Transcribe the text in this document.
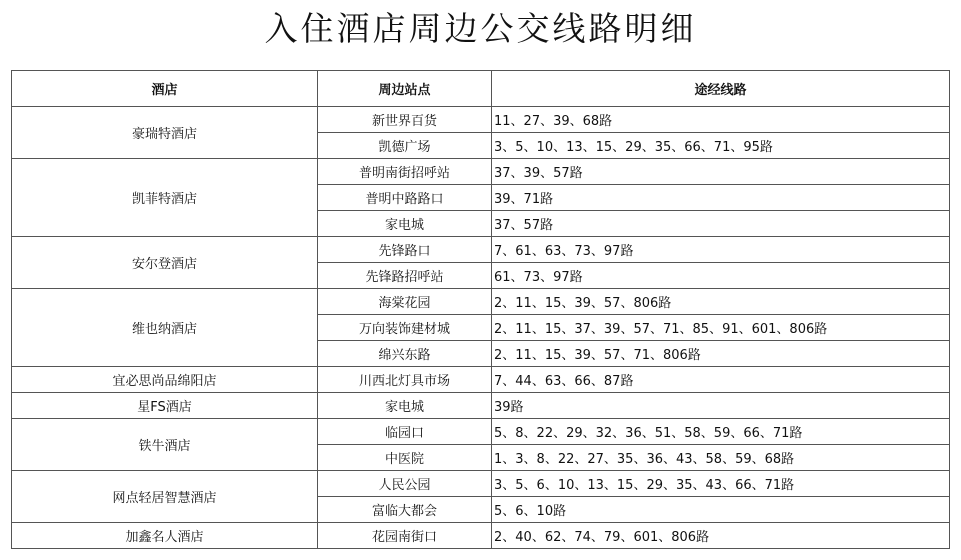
入住酒店周边公交线路明细
酒店	周边站点	途经线路
豪瑞特酒店	新世界百货	11、27、39、68路
	凯德广场	3、5、10、13、15、29、35、66、71、95路
凯菲特酒店	普明南街招呼站	37、39、57路
	普明中路路口	39、71路
	家电城	37、57路
安尔登酒店	先锋路口	7、61、63、73、97路
	先锋路招呼站	61、73、97路
维也纳酒店	海棠花园	2、11、15、39、57、806路
	万向装饰建材城	2、11、15、37、39、57、71、85、91、601、806路
	绵兴东路	2、11、15、39、57、71、806路
宜必思尚品绵阳店	川西北灯具市场	7、44、63、66、87路
星FS酒店	家电城	39路
铁牛酒店	临园口	5、8、22、29、32、36、51、58、59、66、71路
	中医院	1、3、8、22、27、35、36、43、58、59、68路
网点轻居智慧酒店	人民公园	3、5、6、10、13、15、29、35、43、66、71路
	富临大都会	5、6、10路
加鑫名人酒店	花园南街口	2、40、62、74、79、601、806路
